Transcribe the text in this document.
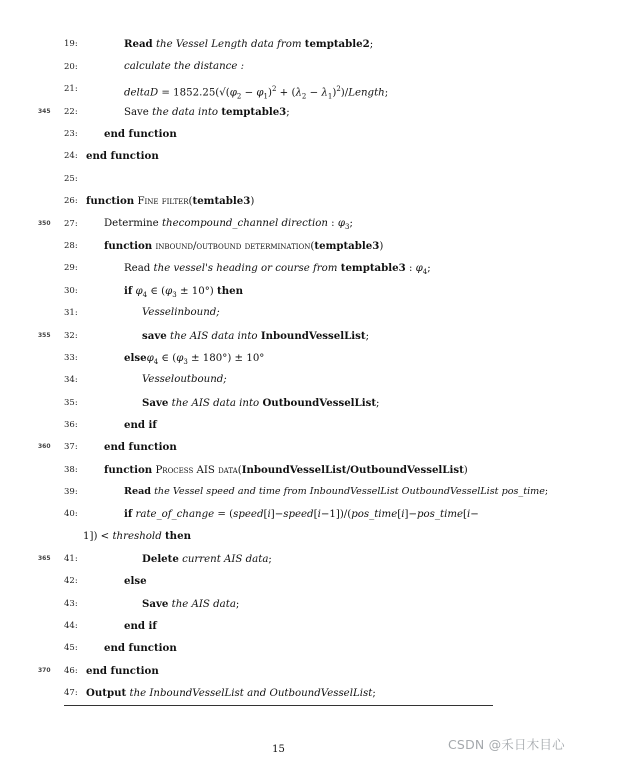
19:	Read the Vessel Length data from temptable2;
20:	calculate the distance :
21:	deltaD = $1852.25(√(\varphi_2 - \varphi_1)^2 + (\lambda_2$ − $\lambda_1)^2$)/Length;
345 22:	Save the data into temptable3;
23:	end function
24: end function
25:
26: function Fine filter(temtable3)
350 27:	Determine thecompound_channel direction : $\varphi_3$;
28:	function inbound/outbound determination(temptable3)
29:	Read the vessel's heading or course from temptable3 : $\varphi_4$;
30:	if $\varphi_4$ ∈ $(\varphi_3 \pm 10^\circ)$ then
31:	Vesselinbound;
355 32:	save the AIS data into InboundVesselList;
33:	elseφ$_4$ ∈ $(\varphi_3 \pm 180^\circ) \pm 10^\circ$
34:	Vesseloutbound;
35:	Save the AIS data into OutboundVesselList;
36:	end if
360 37:	end function
38:	function Process AIS data(InboundVesselList/OutboundVesselList)
39:	Read the Vessel speed and time from InboundVesselList OutboundVesselList pos_time;
40:	if rate_of_change = (speed[i]−speed[i−1])/(pos_time[i]−pos_time[i−
1]) < threshold then
365 41:	Delete current AIS data;
42:	else
43:	Save the AIS data;
44:	end if
45:	end function
370 46: end function
47: Output the InboundVesselList and OutboundVesselList;
15	CSDN @禾日木目心
